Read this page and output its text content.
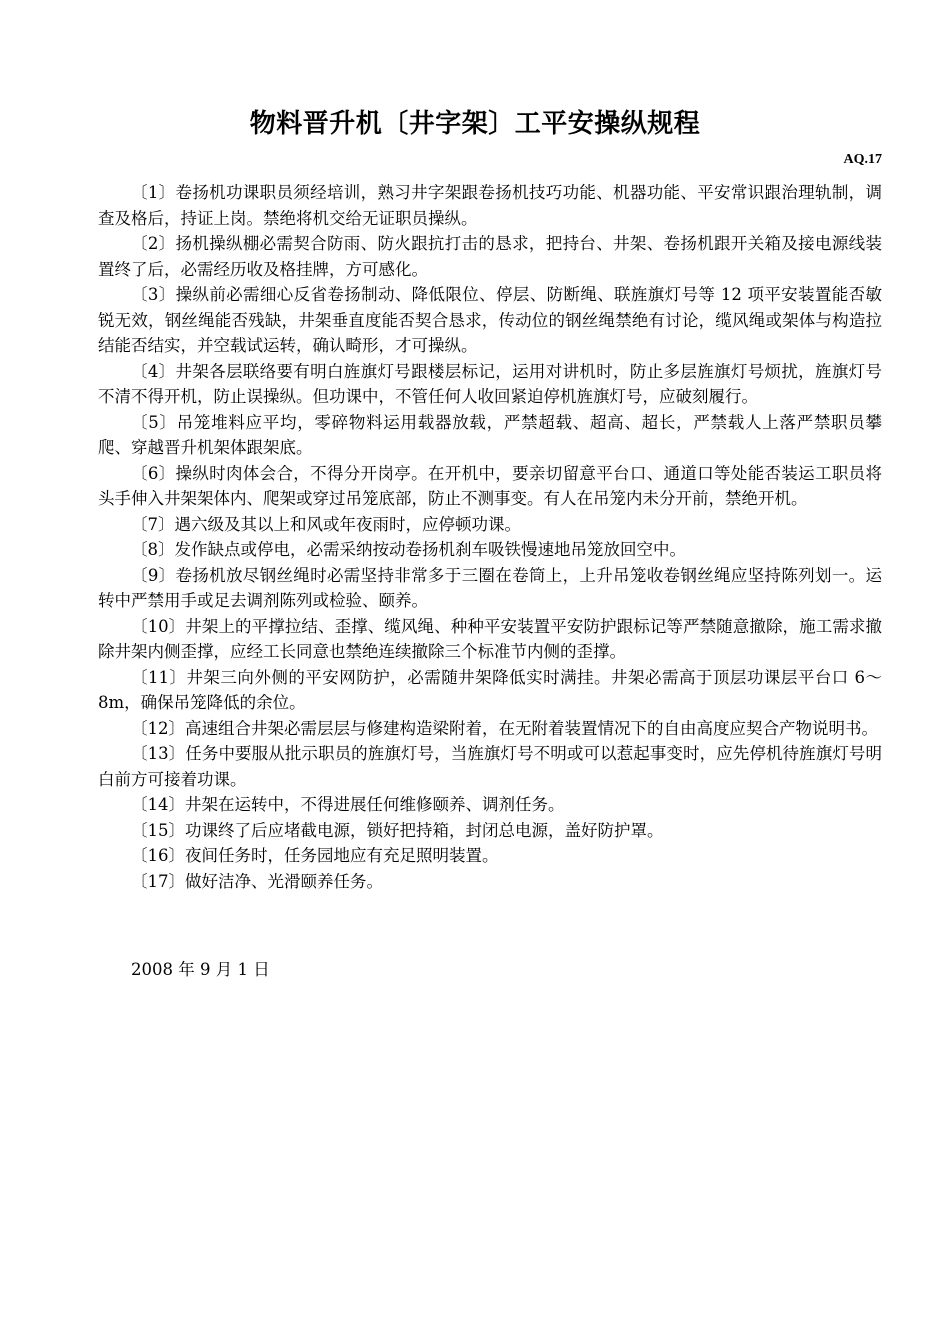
物料晋升机〔井字架〕工平安操纵规程
AQ.17

〔1〕卷扬机功课职员须经培训，熟习井字架跟卷扬机技巧功能、机器功能、平安常识跟治理轨制，调查及格后，持证上岗。禁绝将机交给无证职员操纵。

〔2〕扬机操纵棚必需契合防雨、防火跟抗打击的恳求，把持台、井架、卷扬机跟开关箱及接电源线装置终了后，必需经历收及格挂牌，方可感化。

〔3〕操纵前必需细心反省卷扬制动、降低限位、停层、防断绳、联旌旗灯号等 12 项平安装置能否敏锐无效，钢丝绳能否残缺，井架垂直度能否契合恳求，传动位的钢丝绳禁绝有讨论，缆风绳或架体与构造拉结能否结实，并空载试运转，确认畸形，才可操纵。

〔4〕井架各层联络要有明白旌旗灯号跟楼层标记，运用对讲机时，防止多层旌旗灯号烦扰，旌旗灯号不清不得开机，防止误操纵。但功课中，不管任何人收回紧迫停机旌旗灯号，应破刻履行。

〔5〕吊笼堆料应平均，零碎物料运用载器放载，严禁超载、超高、超长，严禁载人上落严禁职员攀爬、穿越晋升机架体跟架底。

〔6〕操纵时肉体会合，不得分开岗亭。在开机中，要亲切留意平台口、通道口等处能否装运工职员将头手伸入井架架体内、爬架或穿过吊笼底部，防止不测事变。有人在吊笼内未分开前，禁绝开机。

〔7〕遇六级及其以上和风或年夜雨时，应停顿功课。

〔8〕发作缺点或停电，必需采纳按动卷扬机刹车吸铁慢速地吊笼放回空中。

〔9〕卷扬机放尽钢丝绳时必需坚持非常多于三圈在卷筒上，上升吊笼收卷钢丝绳应坚持陈列划一。运转中严禁用手或足去调剂陈列或检验、颐养。

〔10〕井架上的平撑拉结、歪撑、缆风绳、种种平安装置平安防护跟标记等严禁随意撤除，施工需求撤除井架内侧歪撑，应经工长同意也禁绝连续撤除三个标准节内侧的歪撑。

〔11〕井架三向外侧的平安网防护，必需随井架降低实时满挂。井架必需高于顶层功课层平台口 6～8m，确保吊笼降低的余位。

〔12〕高速组合井架必需层层与修建构造梁附着，在无附着装置情况下的自由高度应契合产物说明书。

〔13〕任务中要服从批示职员的旌旗灯号，当旌旗灯号不明或可以惹起事变时，应先停机待旌旗灯号明白前方可接着功课。

〔14〕井架在运转中，不得进展任何维修颐养、调剂任务。

〔15〕功课终了后应堵截电源，锁好把持箱，封闭总电源，盖好防护罩。

〔16〕夜间任务时，任务园地应有充足照明装置。

〔17〕做好洁净、光滑颐养任务。

2008 年 9 月 1 日
